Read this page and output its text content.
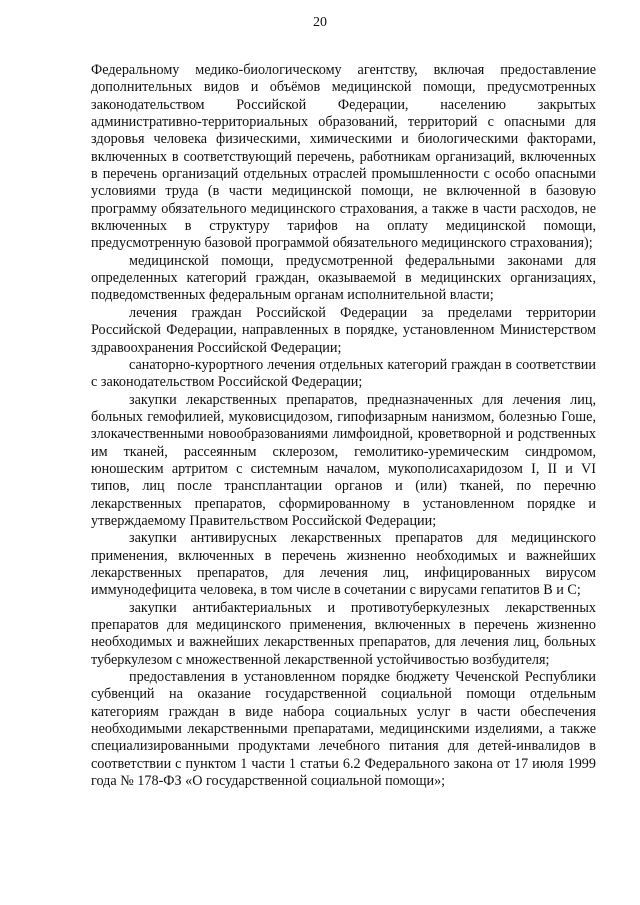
20

Федеральному медико-биологическому агентству, включая предоставление дополнительных видов и объёмов медицинской помощи, предусмотренных законодательством Российской Федерации, населению закрытых административно-территориальных образований, территорий с опасными для здоровья человека физическими, химическими и биологическими факторами, включенных в соответствующий перечень, работникам организаций, включенных в перечень организаций отдельных отраслей промышленности с особо опасными условиями труда (в части медицинской помощи, не включенной в базовую программу обязательного медицинского страхования, а также в части расходов, не включенных в структуру тарифов на оплату медицинской помощи, предусмотренную базовой программой обязательного медицинского страхования);

медицинской помощи, предусмотренной федеральными законами для определенных категорий граждан, оказываемой в медицинских организациях, подведомственных федеральным органам исполнительной власти;

лечения граждан Российской Федерации за пределами территории Российской Федерации, направленных в порядке, установленном Министерством здравоохранения Российской Федерации;

санаторно-курортного лечения отдельных категорий граждан в соответствии с законодательством Российской Федерации;

закупки лекарственных препаратов, предназначенных для лечения лиц, больных гемофилией, муковисцидозом, гипофизарным нанизмом, болезнью Гоше, злокачественными новообразованиями лимфоидной, кроветворной и родственных им тканей, рассеянным склерозом, гемолитико-уремическим синдромом, юношеским артритом с системным началом, мукополисахаридозом I, II и VI типов, лиц после трансплантации органов и (или) тканей, по перечню лекарственных препаратов, сформированному в установленном порядке и утверждаемому Правительством Российской Федерации;

закупки антивирусных лекарственных препаратов для медицинского применения, включенных в перечень жизненно необходимых и важнейших лекарственных препаратов, для лечения лиц, инфицированных вирусом иммунодефицита человека, в том числе в сочетании с вирусами гепатитов B и C;

закупки антибактериальных и противотуберкулезных лекарственных препаратов для медицинского применения, включенных в перечень жизненно необходимых и важнейших лекарственных препаратов, для лечения лиц, больных туберкулезом с множественной лекарственной устойчивостью возбудителя;

предоставления в установленном порядке бюджету Чеченской Республики субвенций на оказание государственной социальной помощи отдельным категориям граждан в виде набора социальных услуг в части обеспечения необходимыми лекарственными препаратами, медицинскими изделиями, а также специализированными продуктами лечебного питания для детей-инвалидов в соответствии с пунктом 1 части 1 статьи 6.2 Федерального закона от 17 июля 1999 года № 178-ФЗ «О государственной социальной помощи»;
